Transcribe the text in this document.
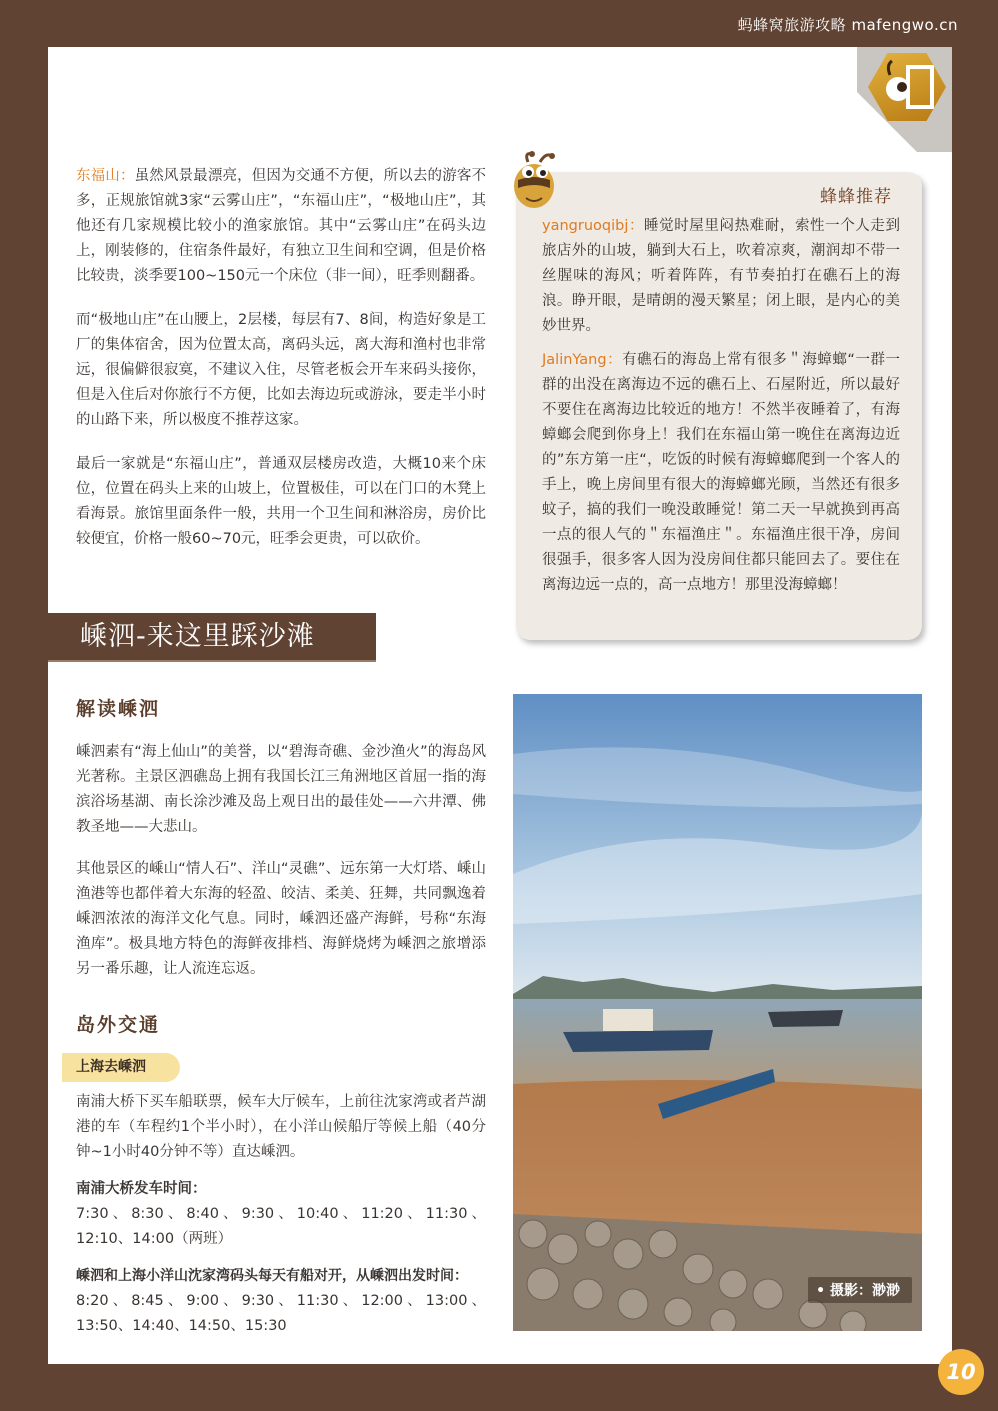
蚂蜂窝旅游攻略 mafengwo.cn

东福山：虽然风景最漂亮，但因为交通不方便，所以去的游客不多，正规旅馆就3家“云雾山庄”，“东福山庄”，“极地山庄”，其他还有几家规模比较小的渔家旅馆。其中“云雾山庄”在码头边上，刚装修的，住宿条件最好，有独立卫生间和空调，但是价格比较贵，淡季要100~150元一个床位（非一间），旺季则翻番。

而“极地山庄”在山腰上，2层楼，每层有7、8间，构造好象是工厂的集体宿舍，因为位置太高，离码头远，离大海和渔村也非常远，很偏僻很寂寞，不建议入住，尽管老板会开车来码头接你，但是入住后对你旅行不方便，比如去海边玩或游泳，要走半小时的山路下来，所以极度不推荐这家。

最后一家就是“东福山庄”，普通双层楼房改造，大概10来个床位，位置在码头上来的山坡上，位置极佳，可以在门口的木凳上看海景。旅馆里面条件一般，共用一个卫生间和淋浴房，房价比较便宜，价格一般60~70元，旺季会更贵，可以砍价。

蜂蜂推荐

yangruoqibj：睡觉时屋里闷热难耐，索性一个人走到旅店外的山坡，躺到大石上，吹着凉爽，潮润却不带一丝腥味的海风；听着阵阵，有节奏拍打在礁石上的海浪。睁开眼，是晴朗的漫天繁星；闭上眼，是内心的美妙世界。

JalinYang：有礁石的海岛上常有很多＂海蟑螂“一群一群的出没在离海边不远的礁石上、石屋附近，所以最好不要住在离海边比较近的地方！不然半夜睡着了，有海蟑螂会爬到你身上！我们在东福山第一晚住在离海边近的”东方第一庄“，吃饭的时候有海蟑螂爬到一个客人的手上，晚上房间里有很大的海蟑螂光顾，当然还有很多蚊子，搞的我们一晚没敢睡觉！第二天一早就换到再高一点的很人气的＂东福渔庄＂。东福渔庄很干净，房间很强手，很多客人因为没房间住都只能回去了。要住在离海边远一点的，高一点地方！那里没海蟑螂！

嵊泗-来这里踩沙滩
解读嵊泗

嵊泗素有“海上仙山”的美誉，以“碧海奇礁、金沙渔火”的海岛风光著称。主景区泗礁岛上拥有我国长江三角洲地区首屈一指的海滨浴场基湖、南长涂沙滩及岛上观日出的最佳处——六井潭、佛教圣地——大悲山。

其他景区的嵊山“情人石”、洋山“灵礁”、远东第一大灯塔、嵊山渔港等也都伴着大东海的轻盈、皎洁、柔美、狂舞，共同飘逸着嵊泗浓浓的海洋文化气息。同时，嵊泗还盛产海鲜，号称“东海渔库”。极具地方特色的海鲜夜排档、海鲜烧烤为嵊泗之旅增添另一番乐趣，让人流连忘返。

岛外交通
上海去嵊泗

南浦大桥下买车船联票，候车大厅候车，上前往沈家湾或者芦湖港的车（车程约1个半小时），在小洋山候船厅等候上船（40分钟~1小时40分钟不等）直达嵊泗。

南浦大桥发车时间：

7:30、8:30、8:40、9:30、10:40、11:20、11:30、12:10、14:00（两班）

嵊泗和上海小洋山沈家湾码头每天有船对开，从嵊泗出发时间：

8:20、8:45、9:00、9:30、11:30、12:00、13:00、13:50、14:40、14:50、15:30

• 摄影：渺渺
10
